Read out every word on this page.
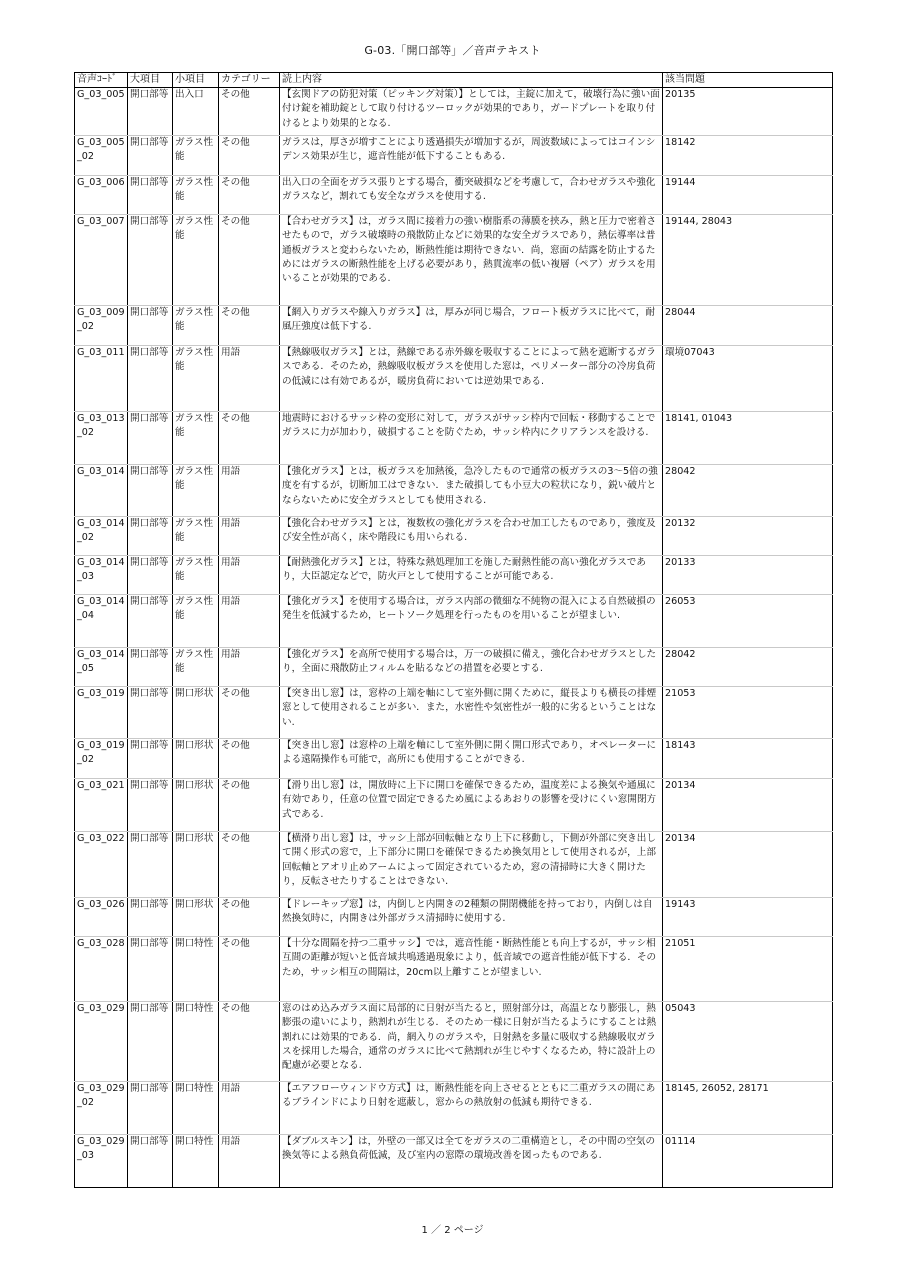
G-03.「開口部等」／音声テキスト
音声ｺｰﾄﾞ	大項目	小項目	カテゴリー	読上内容	該当問題
G_03_005	開口部等	出入口	その他	【玄関ドアの防犯対策（ピッキング対策）】としては，主錠に加えて，破壊行為に強い面付け錠を補助錠として取り付けるツーロックが効果的であり，ガードプレートを取り付けるとより効果的となる.	20135
G_03_005_02	開口部等	ガラス性能	その他	ガラスは，厚さが増すことにより透過損失が増加するが，周波数域によってはコインシデンス効果が生じ，遮音性能が低下することもある.	18142
G_03_006	開口部等	ガラス性能	その他	出入口の全面をガラス張りとする場合，衝突破損などを考慮して，合わせガラスや強化ガラスなど，割れても安全なガラスを使用する.	19144
G_03_007	開口部等	ガラス性能	その他	【合わせガラス】は，ガラス間に接着力の強い樹脂系の薄膜を挟み，熱と圧力で密着させたもので，ガラス破壊時の飛散防止などに効果的な安全ガラスであり，熱伝導率は普通板ガラスと変わらないため，断熱性能は期待できない．尚，窓面の結露を防止するためにはガラスの断熱性能を上げる必要があり，熱貫流率の低い複層（ペア）ガラスを用いることが効果的である.	19144, 28043
G_03_009_02	開口部等	ガラス性能	その他	【網入りガラスや線入りガラス】は，厚みが同じ場合，フロート板ガラスに比べて，耐風圧強度は低下する.	28044
G_03_011	開口部等	ガラス性能	用語	【熱線吸収ガラス】とは，熱線である赤外線を吸収することによって熱を遮断するガラスである．そのため，熱線吸収板ガラスを使用した窓は，ペリメーター部分の冷房負荷の低減には有効であるが，暖房負荷においては逆効果である.	環境07043
G_03_013_02	開口部等	ガラス性能	その他	地震時におけるサッシ枠の変形に対して，ガラスがサッシ枠内で回転・移動することでガラスに力が加わり，破損することを防ぐため，サッシ枠内にクリアランスを設ける.	18141, 01043
G_03_014	開口部等	ガラス性能	用語	【強化ガラス】とは，板ガラスを加熱後，急冷したもので通常の板ガラスの3～5倍の強度を有するが，切断加工はできない．また破損しても小豆大の粒状になり，鋭い破片とならないために安全ガラスとしても使用される.	28042
G_03_014_02	開口部等	ガラス性能	用語	【強化合わせガラス】とは，複数枚の強化ガラスを合わせ加工したものであり，強度及び安全性が高く，床や階段にも用いられる.	20132
G_03_014_03	開口部等	ガラス性能	用語	【耐熱強化ガラス】とは，特殊な熱処理加工を施した耐熱性能の高い強化ガラスであり，大臣認定などで，防火戸として使用することが可能である.	20133
G_03_014_04	開口部等	ガラス性能	用語	【強化ガラス】を使用する場合は，ガラス内部の微細な不純物の混入による自然破損の発生を低減するため，ヒートソーク処理を行ったものを用いることが望ましい.	26053
G_03_014_05	開口部等	ガラス性能	用語	【強化ガラス】を高所で使用する場合は，万一の破損に備え，強化合わせガラスとしたり，全面に飛散防止フィルムを貼るなどの措置を必要とする.	28042
G_03_019	開口部等	開口形状	その他	【突き出し窓】は，窓枠の上端を軸にして室外側に開くために，縦長よりも横長の排煙窓として使用されることが多い．また，水密性や気密性が一般的に劣るということはない.	21053
G_03_019_02	開口部等	開口形状	その他	【突き出し窓】は窓枠の上端を軸にして室外側に開く開口形式であり，オペレーターによる遠隔操作も可能で，高所にも使用することができる.	18143
G_03_021	開口部等	開口形状	その他	【滑り出し窓】は，開放時に上下に開口を確保できるため，温度差による換気や通風に有効であり，任意の位置で固定できるため風によるあおりの影響を受けにくい窓開閉方式である.	20134
G_03_022	開口部等	開口形状	その他	【横滑り出し窓】は，サッシ上部が回転軸となり上下に移動し，下側が外部に突き出して開く形式の窓で，上下部分に開口を確保できるため換気用として使用されるが，上部回転軸とアオリ止めアームによって固定されているため，窓の清掃時に大きく開けたり，反転させたりすることはできない.	20134
G_03_026	開口部等	開口形状	その他	【ドレーキップ窓】は，内倒しと内開きの2種類の開閉機能を持っており，内倒しは自然換気時に，内開きは外部ガラス清掃時に使用する.	19143
G_03_028	開口部等	開口特性	その他	【十分な間隔を持つ二重サッシ】では，遮音性能・断熱性能とも向上するが，サッシ相互間の距離が短いと低音域共鳴透過現象により，低音域での遮音性能が低下する．そのため，サッシ相互の間隔は，20cm以上離すことが望ましい.	21051
G_03_029	開口部等	開口特性	その他	窓のはめ込みガラス面に局部的に日射が当たると，照射部分は，高温となり膨張し，熱膨張の違いにより，熱割れが生じる．そのため一様に日射が当たるようにすることは熱割れには効果的である．尚，網入りのガラスや，日射熱を多量に吸収する熱線吸収ガラスを採用した場合，通常のガラスに比べて熱割れが生じやすくなるため，特に設計上の配慮が必要となる.	05043
G_03_029_02	開口部等	開口特性	用語	【エアフローウィンドウ方式】は，断熱性能を向上させるとともに二重ガラスの間にあるブラインドにより日射を遮蔽し，窓からの熱放射の低減も期待できる.	18145, 26052, 28171
G_03_029_03	開口部等	開口特性	用語	【ダブルスキン】は，外壁の一部又は全てをガラスの二重構造とし，その中間の空気の換気等による熱負荷低減，及び室内の窓際の環境改善を図ったものである.	01114
1 ／ 2 ページ
